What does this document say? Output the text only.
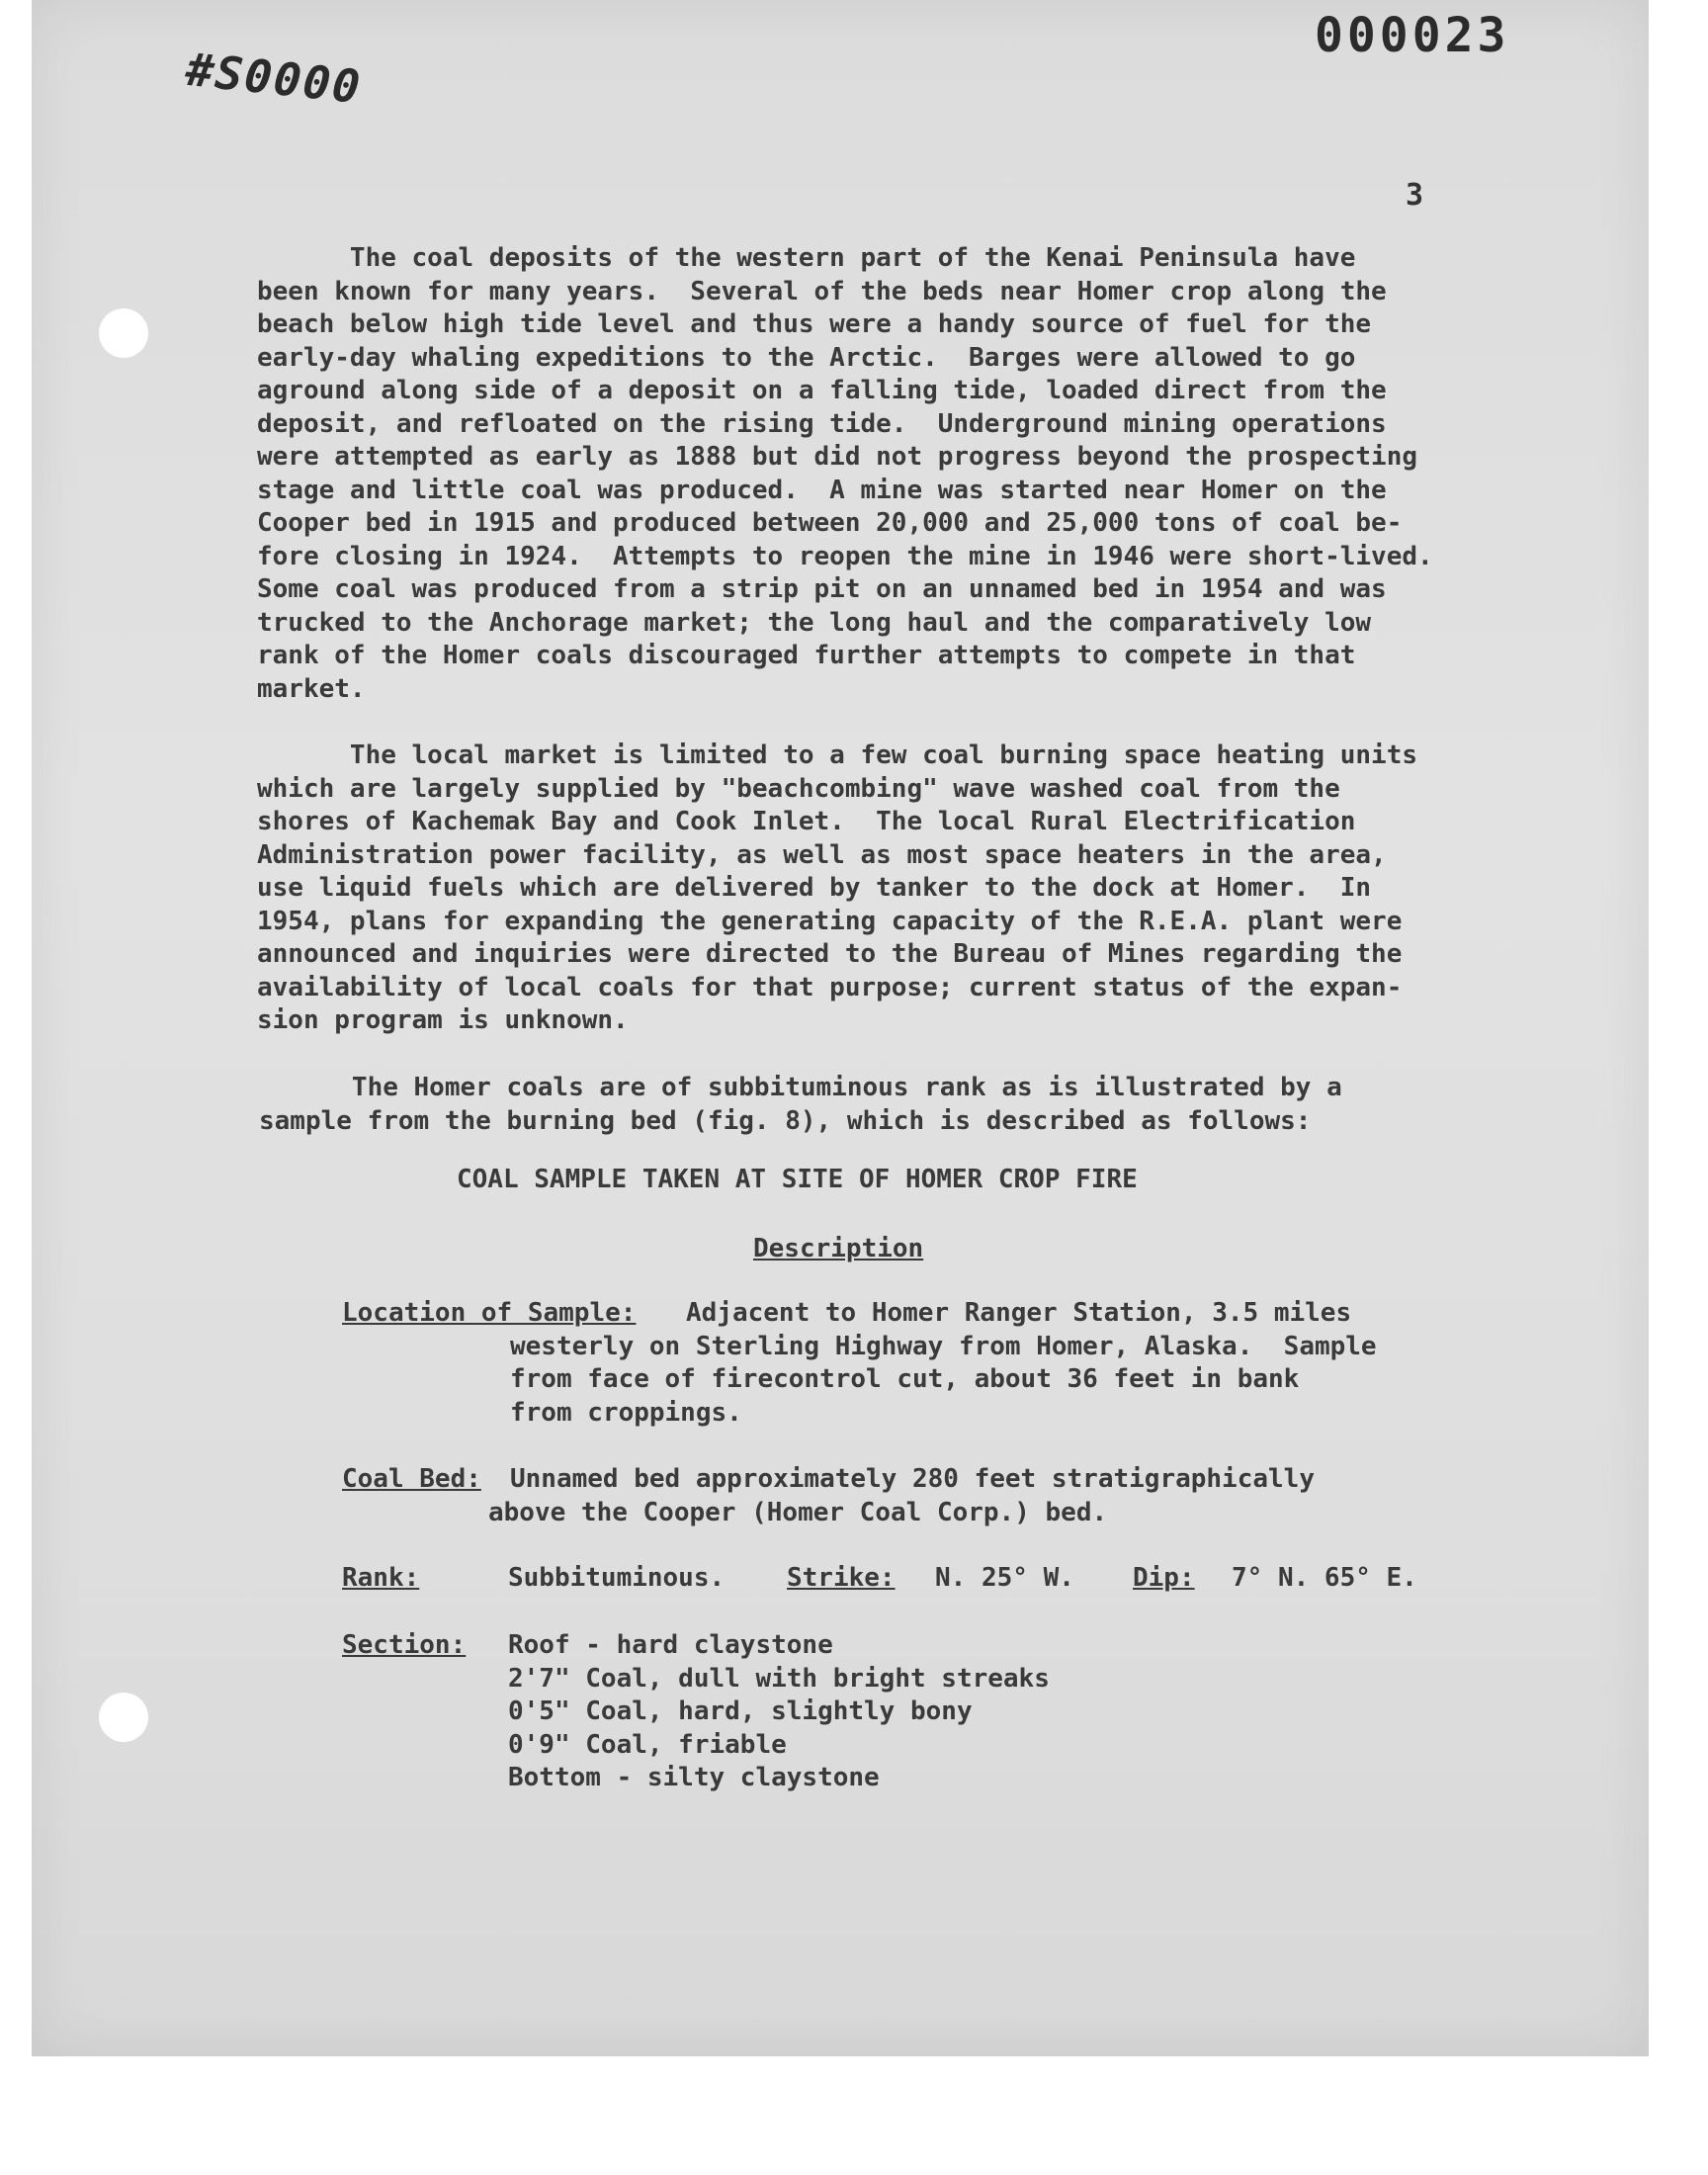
000023
#S0000
3
The coal deposits of the western part of the Kenai Peninsula have
been known for many years.  Several of the beds near Homer crop along the
beach below high tide level and thus were a handy source of fuel for the
early-day whaling expeditions to the Arctic.  Barges were allowed to go
aground along side of a deposit on a falling tide, loaded direct from the
deposit, and refloated on the rising tide.  Underground mining operations
were attempted as early as 1888 but did not progress beyond the prospecting
stage and little coal was produced.  A mine was started near Homer on the
Cooper bed in 1915 and produced between 20,000 and 25,000 tons of coal be-
fore closing in 1924.  Attempts to reopen the mine in 1946 were short-lived.
Some coal was produced from a strip pit on an unnamed bed in 1954 and was
trucked to the Anchorage market; the long haul and the comparatively low
rank of the Homer coals discouraged further attempts to compete in that
market.
The local market is limited to a few coal burning space heating units
which are largely supplied by "beachcombing" wave washed coal from the
shores of Kachemak Bay and Cook Inlet.  The local Rural Electrification
Administration power facility, as well as most space heaters in the area,
use liquid fuels which are delivered by tanker to the dock at Homer.  In
1954, plans for expanding the generating capacity of the R.E.A. plant were
announced and inquiries were directed to the Bureau of Mines regarding the
availability of local coals for that purpose; current status of the expan-
sion program is unknown.
The Homer coals are of subbituminous rank as is illustrated by a
sample from the burning bed (fig. 8), which is described as follows:
COAL SAMPLE TAKEN AT SITE OF HOMER CROP FIRE
Description
Location of Sample: Adjacent to Homer Ranger Station, 3.5 miles
westerly on Sterling Highway from Homer, Alaska.  Sample
from face of firecontrol cut, about 36 feet in bank
from croppings.
Coal Bed: Unnamed bed approximately 280 feet stratigraphically
above the Cooper (Homer Coal Corp.) bed.
Rank:	Subbituminous. Strike: N. 25° W. Dip: 7° N. 65° E.
Section: Roof - hard claystone
2'7" Coal, dull with bright streaks
0'5" Coal, hard, slightly bony
0'9" Coal, friable
Bottom - silty claystone
